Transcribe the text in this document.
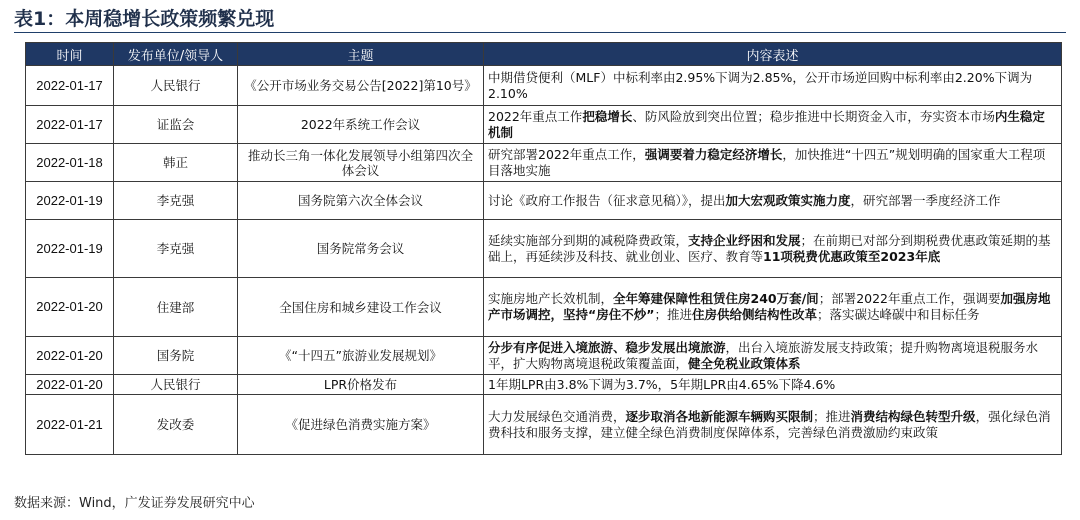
表1：本周稳增长政策频繁兑现
时间	发布单位/领导人	主题	内容表述
2022-01-17	人民银行	《公开市场业务交易公告[2022]第10号》	中期借贷便利（MLF）中标利率由2.95%下调为2.85%，公开市场逆回购中标利率由2.20%下调为2.10%
2022-01-17	证监会	2022年系统工作会议	2022年重点工作把稳增长、防风险放到突出位置；稳步推进中长期资金入市，夯实资本市场内生稳定机制
2022-01-18	韩正	推动长三角一体化发展领导小组第四次全体会议	研究部署2022年重点工作，强调要着力稳定经济增长，加快推进“十四五”规划明确的国家重大工程项目落地实施
2022-01-19	李克强	国务院第六次全体会议	讨论《政府工作报告（征求意见稿）》，提出加大宏观政策实施力度，研究部署一季度经济工作
2022-01-19	李克强	国务院常务会议	延续实施部分到期的减税降费政策，支持企业纾困和发展；在前期已对部分到期税费优惠政策延期的基础上，再延续涉及科技、就业创业、医疗、教育等11项税费优惠政策至2023年底
2022-01-20	住建部	全国住房和城乡建设工作会议	实施房地产长效机制，全年筹建保障性租赁住房240万套/间；部署2022年重点工作，强调要加强房地产市场调控，坚持“房住不炒”；推进住房供给侧结构性改革；落实碳达峰碳中和目标任务
2022-01-20	国务院	《“十四五”旅游业发展规划》	分步有序促进入境旅游、稳步发展出境旅游，出台入境旅游发展支持政策；提升购物离境退税服务水平，扩大购物离境退税政策覆盖面，健全免税业政策体系
2022-01-20	人民银行	LPR价格发布	1年期LPR由3.8%下调为3.7%，5年期LPR由4.65%下降4.6%
2022-01-21	发改委	《促进绿色消费实施方案》	大力发展绿色交通消费，逐步取消各地新能源车辆购买限制；推进消费结构绿色转型升级，强化绿色消费科技和服务支撑，建立健全绿色消费制度保障体系，完善绿色消费激励约束政策
数据来源：Wind，广发证券发展研究中心
